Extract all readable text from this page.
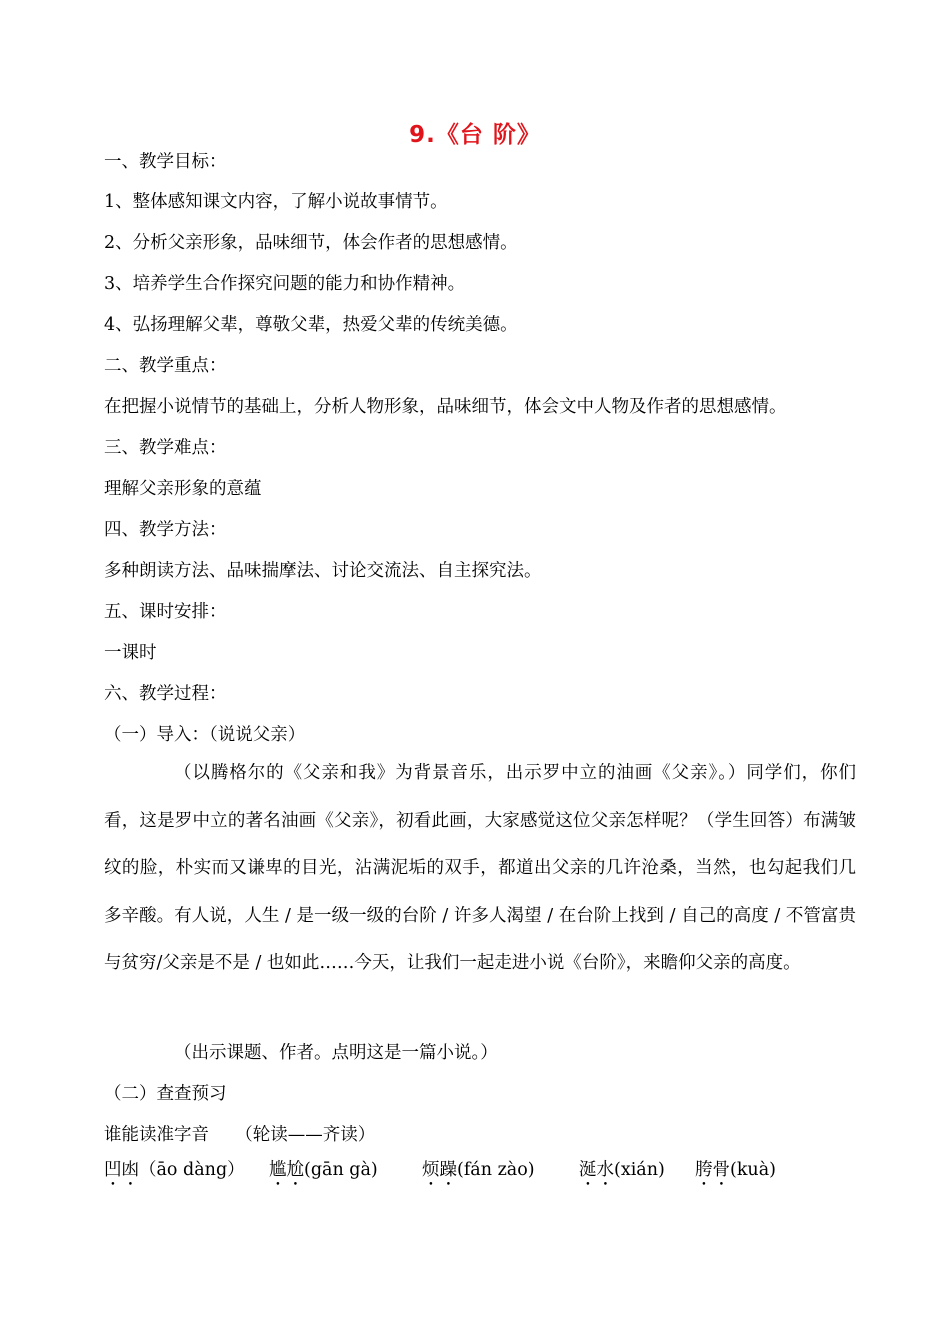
9.《台 阶》
一、教学目标：
1、整体感知课文内容，了解小说故事情节。
2、分析父亲形象，品味细节，体会作者的思想感情。
3、培养学生合作探究问题的能力和协作精神。
4、弘扬理解父辈，尊敬父辈，热爱父辈的传统美德。
二、教学重点：
在把握小说情节的基础上，分析人物形象，品味细节，体会文中人物及作者的思想感情。
三、教学难点：
理解父亲形象的意蕴
四、教学方法：
多种朗读方法、品味揣摩法、讨论交流法、自主探究法。
五、课时安排：
一课时
六、教学过程：
（一）导入：（说说父亲）
（以腾格尔的《父亲和我》为背景音乐，出示罗中立的油画《父亲》。）同学们，你们看，这是罗中立的著名油画《父亲》，初看此画，大家感觉这位父亲怎样呢？（学生回答）布满皱纹的脸，朴实而又谦卑的目光，沾满泥垢的双手，都道出父亲的几许沧桑，当然，也勾起我们几多辛酸。有人说，人生 / 是一级一级的台阶 / 许多人渴望 / 在台阶上找到 / 自己的高度 / 不管富贵与贫穷/父亲是不是 / 也如此……今天，让我们一起走进小说《台阶》，来瞻仰父亲的高度。
（出示课题、作者。点明这是一篇小说。）
（二）查查预习
谁能读准字音　　（轮读——齐读）
凹凼（āo dàng） 尴尬(gān gà)	烦躁(fán zào)	涎水(xián) 胯骨(kuà)
